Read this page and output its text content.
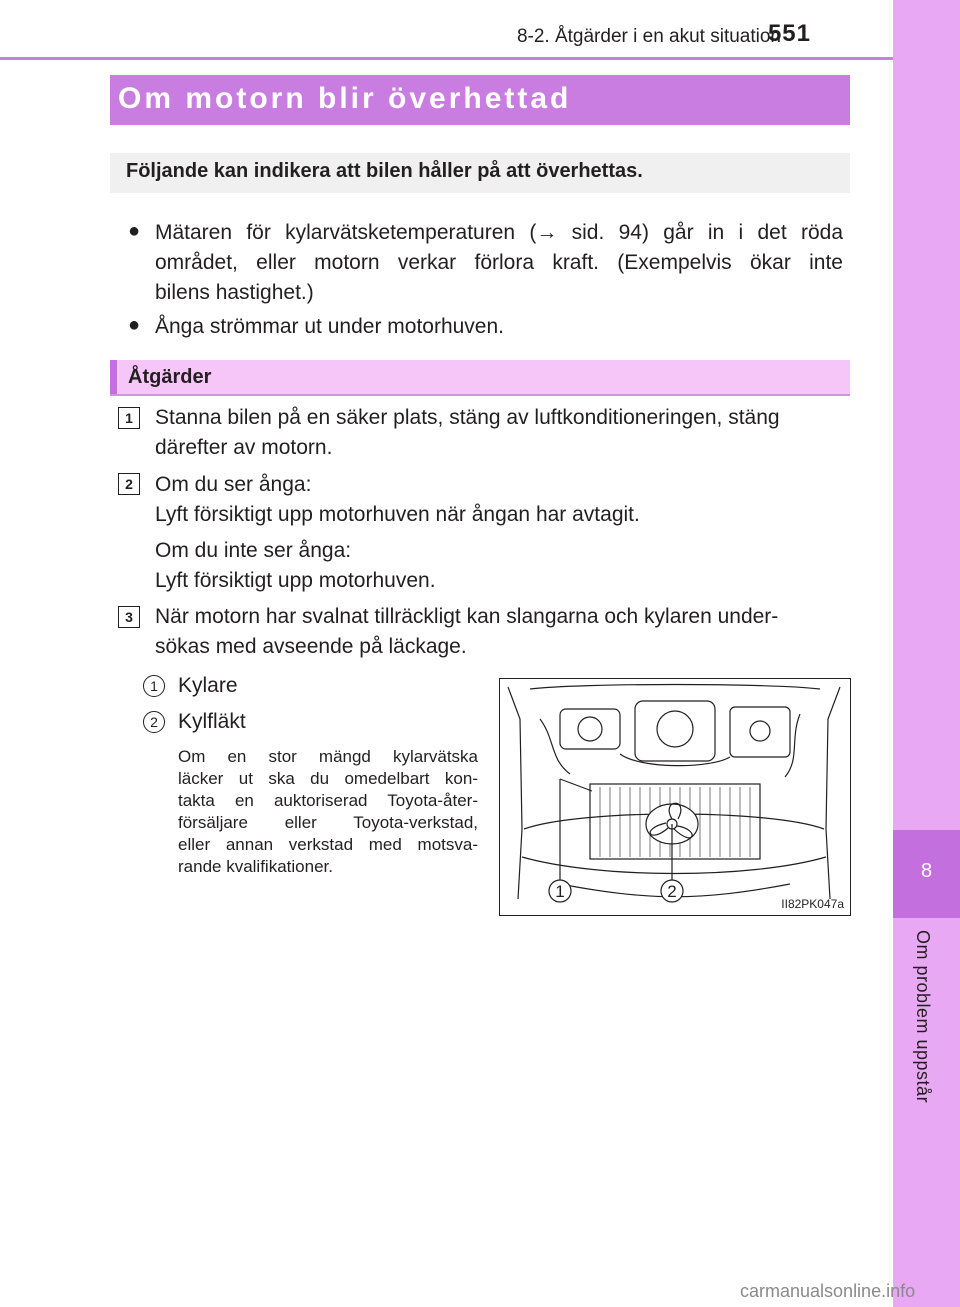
8-2. Åtgärder i en akut situation
551
8
Om problem uppstår
Om motorn blir överhettad
Följande kan indikera att bilen håller på att överhettas.
● Mätaren för kylarvätsketemperaturen (→ sid. 94) går in i det röda
området, eller motorn verkar förlora kraft. (Exempelvis ökar inte
bilens hastighet.)
● Ånga strömmar ut under motorhuven.
Åtgärder
1	Stanna bilen på en säker plats, stäng av luftkonditioneringen, stäng
därefter av motorn.
2	Om du ser ånga:
Lyft försiktigt upp motorhuven när ångan har avtagit.
Om du inte ser ånga:
Lyft försiktigt upp motorhuven.
3	När motorn har svalnat tillräckligt kan slangarna och kylaren under-
sökas med avseende på läckage.
1 Kylare
2 Kylfläkt
Om en stor mängd kylarvätska
läcker ut ska du omedelbart kon-
takta en auktoriserad Toyota-åter-
försäljare eller Toyota-verkstad,
eller annan verkstad med motsva-
rande kvalifikationer.
1	2
II82PK047a
carmanualsonline.info
